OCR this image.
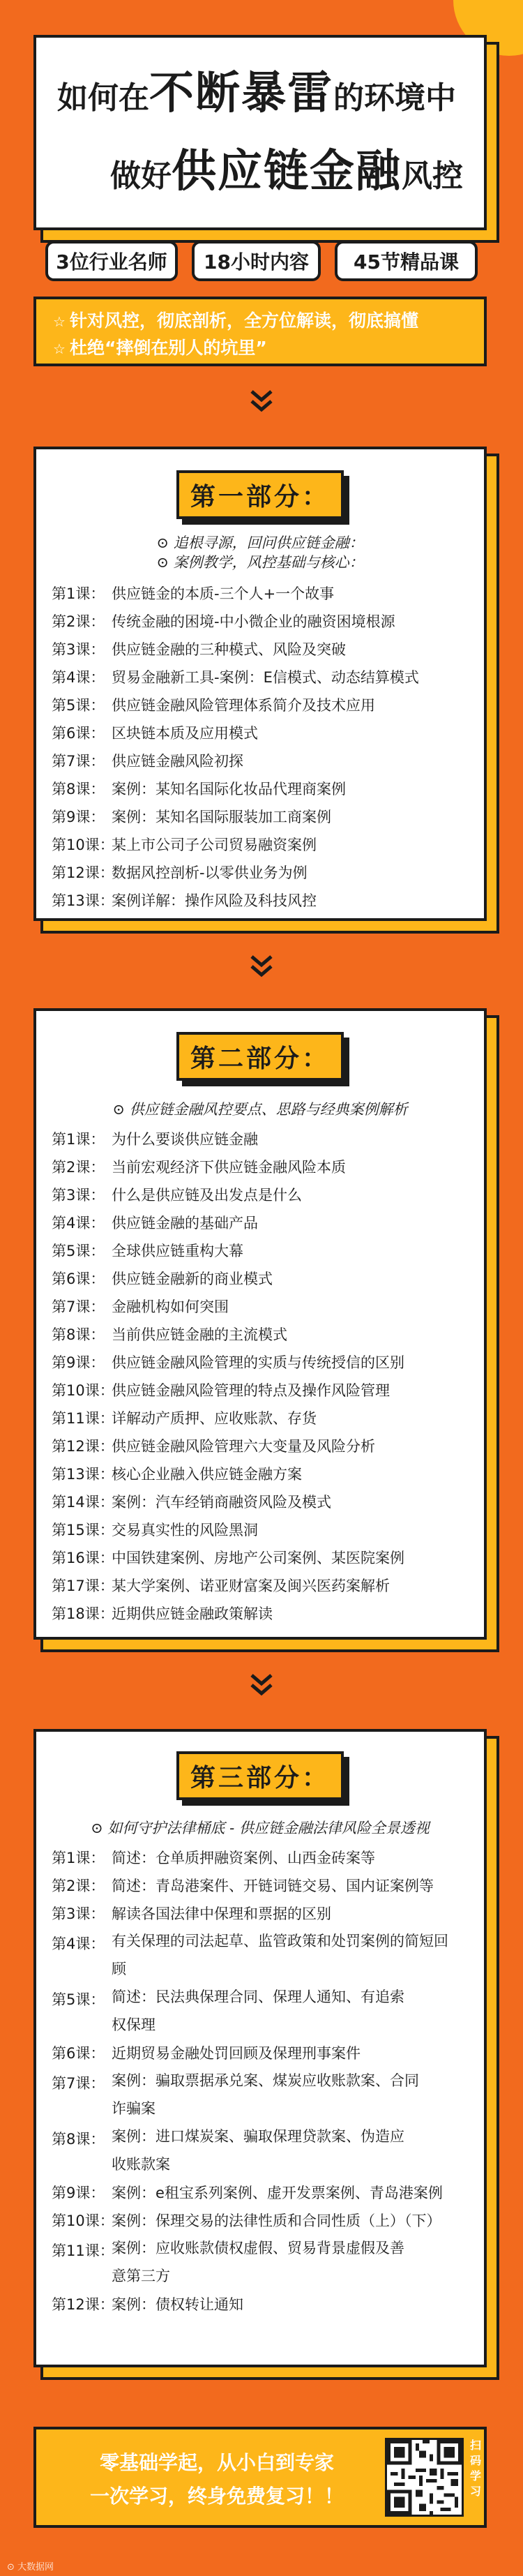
如何在不断暴雷的环境中
做好供应链金融风控
3位行业名师	18小时内容	45节精品课
☆ 针对风控，彻底剖析，全方位解读，彻底搞懂
☆ 杜绝“摔倒在别人的坑里”
第一部分：
⊙ 追根寻源，回问供应链金融：
⊙ 案例教学，风控基础与核心：
第1课： 供应链金的本质-三个人+一个故事
第2课： 传统金融的困境-中小微企业的融资困境根源
第3课： 供应链金融的三种模式、风险及突破
第4课： 贸易金融新工具-案例：E信模式、动态结算模式
第5课： 供应链金融风险管理体系简介及技术应用
第6课： 区块链本质及应用模式
第7课： 供应链金融风险初探
第8课： 案例：某知名国际化妆品代理商案例
第9课： 案例：某知名国际服装加工商案例
第10课：
某上市公司子公司贸易融资案例
第12课：
数据风控剖析-以零供业务为例
第13课：
案例详解：操作风险及科技风控
第二部分：
⊙ 供应链金融风控要点、思路与经典案例解析
第1课： 为什么要谈供应链金融
第2课： 当前宏观经济下供应链金融风险本质
第3课： 什么是供应链及出发点是什么
第4课： 供应链金融的基础产品
第5课： 全球供应链重构大幕
第6课： 供应链金融新的商业模式
第7课： 金融机构如何突围
第8课： 当前供应链金融的主流模式
第9课： 供应链金融风险管理的实质与传统授信的区别
第10课：
供应链金融风险管理的特点及操作风险管理
第11课：
详解动产质押、应收账款、存货
第12课：
供应链金融风险管理六大变量及风险分析
第13课：
核心企业融入供应链金融方案
第14课：
案例：汽车经销商融资风险及模式
第15课：
交易真实性的风险黑洞
第16课：
中国铁建案例、房地产公司案例、某医院案例
第17课：
某大学案例、诺亚财富案及闽兴医药案解析
第18课：
近期供应链金融政策解读
第三部分：
⊙ 如何守护法律桶底 - 供应链金融法律风险全景透视
第1课： 简述：仓单质押融资案例、山西金砖案等
第2课： 简述：青岛港案件、开链词链交易、国内证案例等
第3课： 解读各国法律中保理和票据的区别
第4课： 有关保理的司法起草、监管政策和处罚案例的简短回顾
第5课： 简述：民法典保理合同、保理人通知、有追索权保理
第6课： 近期贸易金融处罚回顾及保理刑事案件
第7课： 案例：骗取票据承兑案、煤炭应收账款案、合同诈骗案
第8课： 案例：进口煤炭案、骗取保理贷款案、伪造应收账款案
第9课： 案例：e租宝系列案例、虚开发票案例、青岛港案例
第10课：
案例：保理交易的法律性质和合同性质（上）（下）
第11课：
案例：应收账款债权虚假、贸易背景虚假及善意第三方
第12课：
案例：债权转让通知
零基础学起，从小白到专家
一次学习，终身免费复习！！
扫码学习
⊙ 大数据网
